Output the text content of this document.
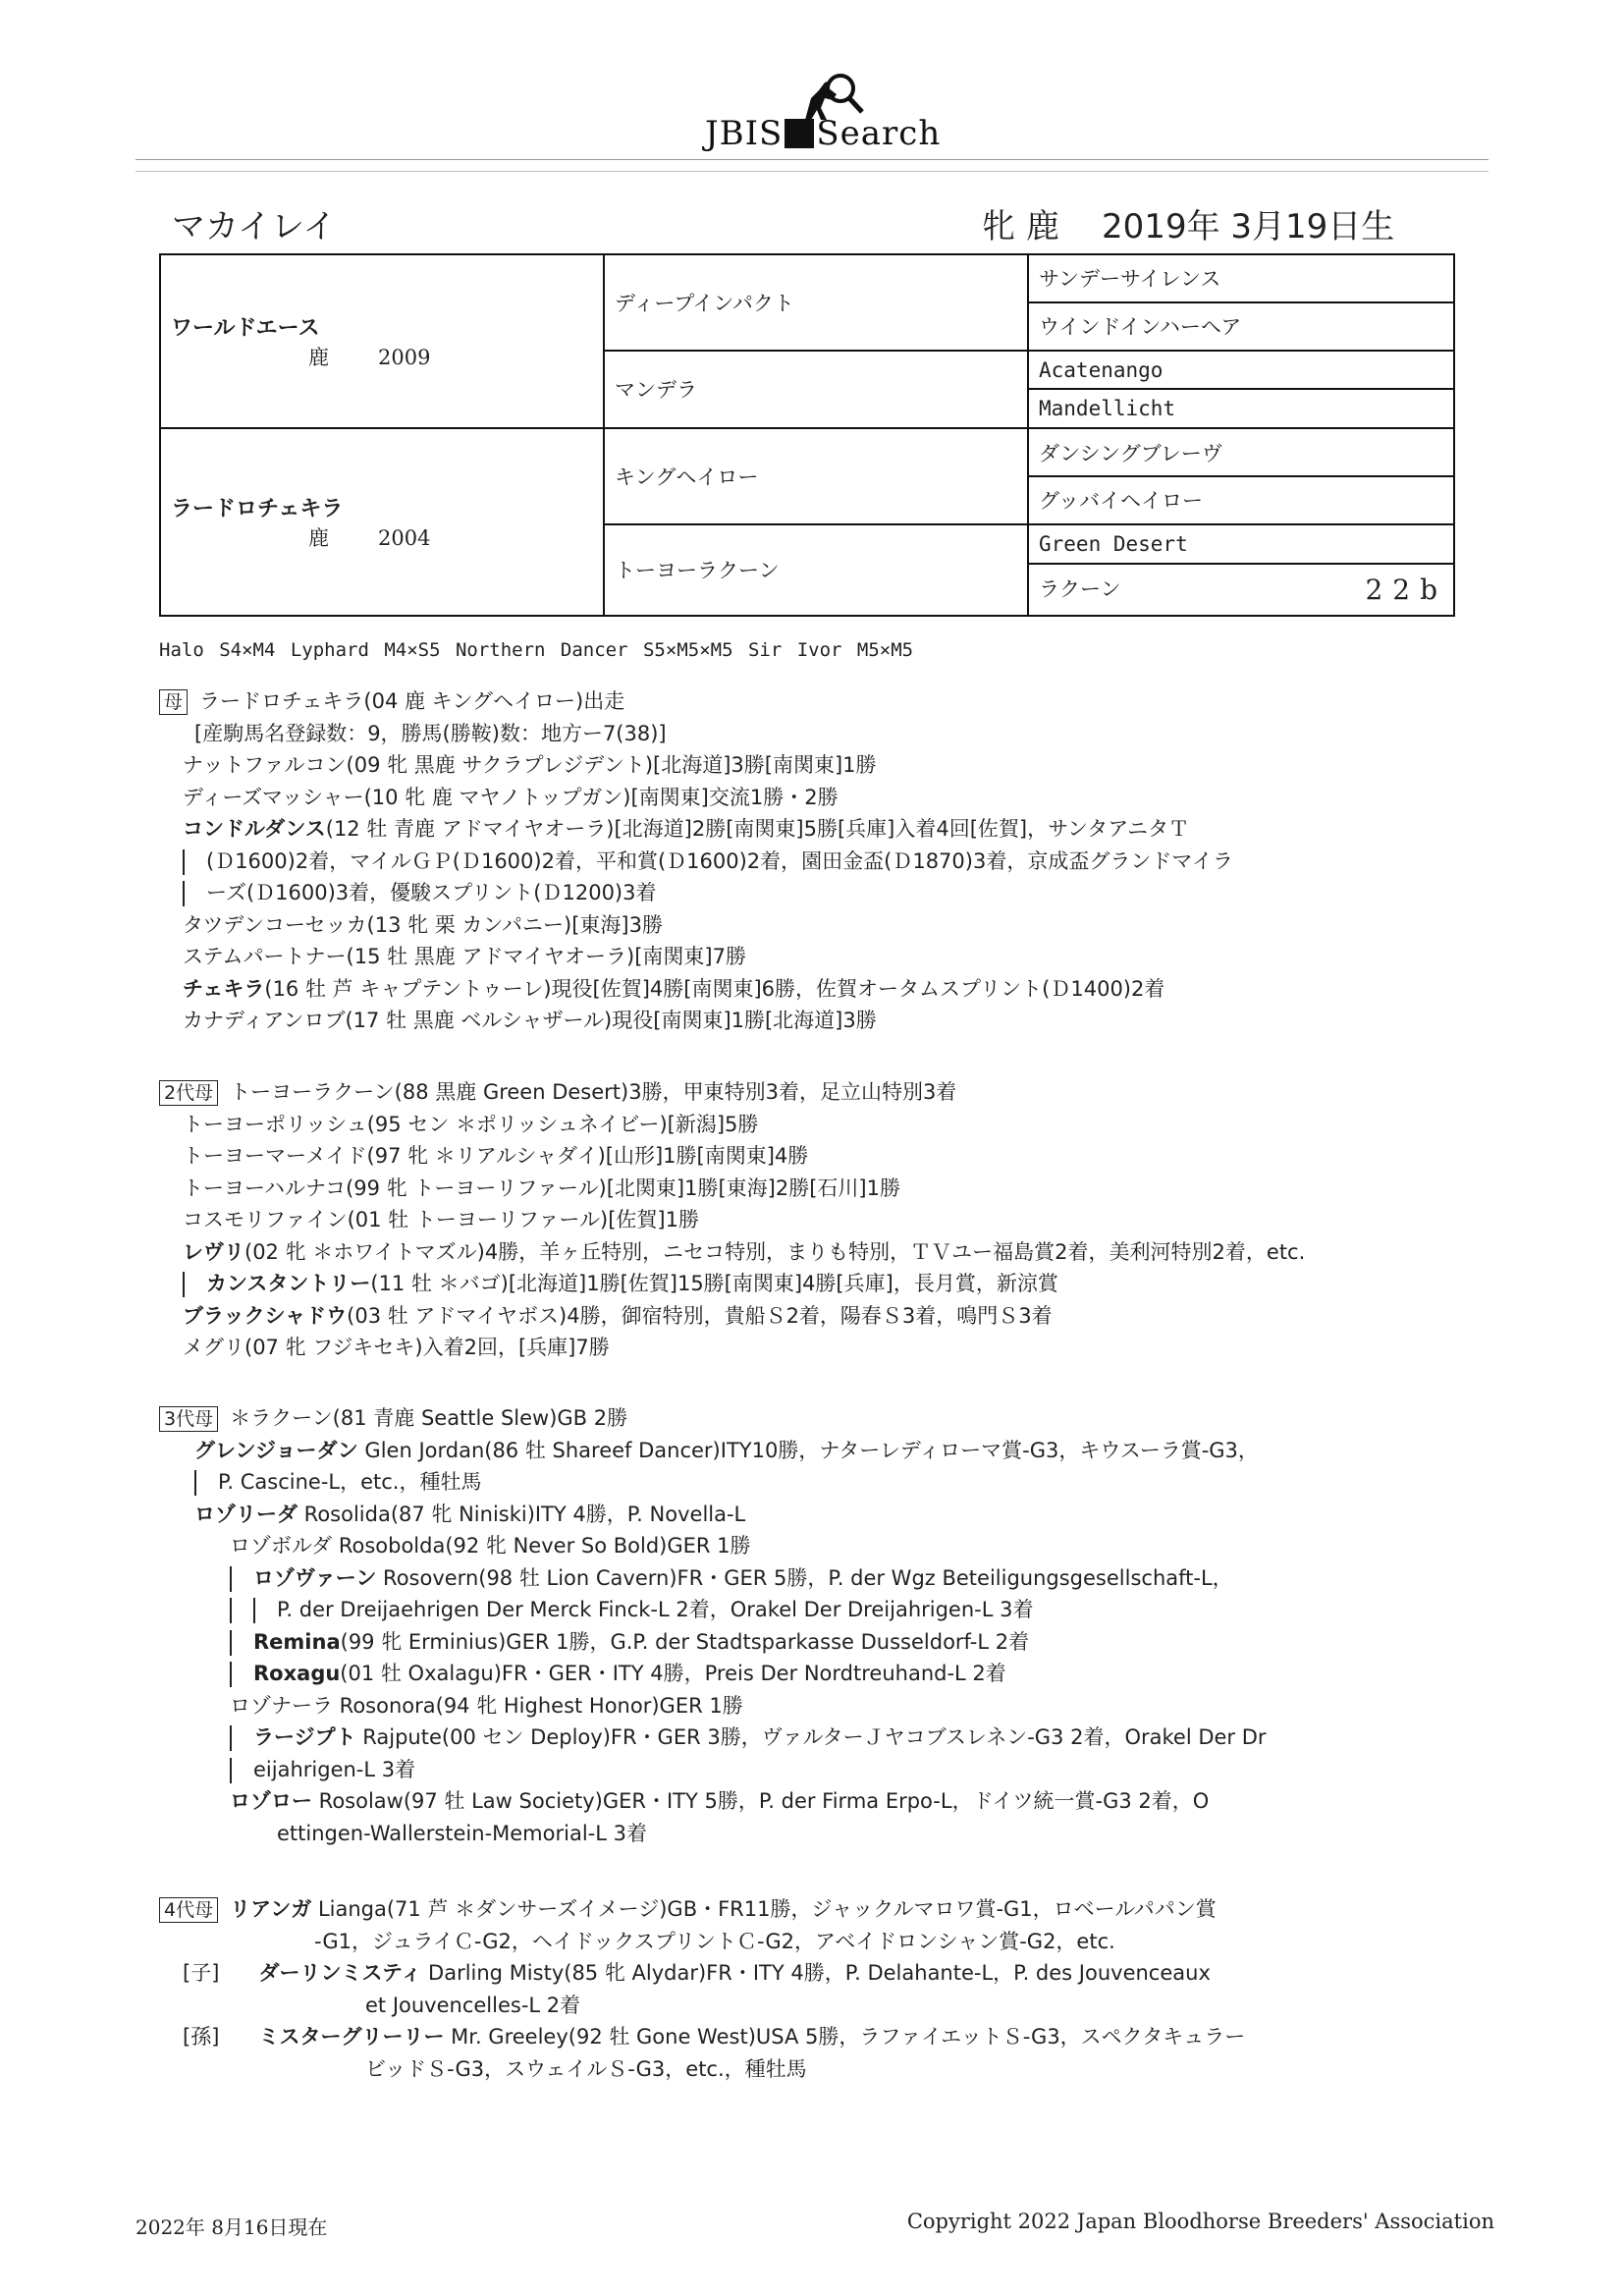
JBIS Search
マカイレイ	牝 鹿 2019年 3月19日生
ワールドエース
鹿 2009	ディープインパクト	サンデーサイレンス
		ウインドインハーヘア
	マンデラ	Acatenango
		Mandellicht

ラードロチェキラ
鹿 2004	キングヘイロー	ダンシングブレーヴ
		グッバイヘイロー
	トーヨーラクーン	Green Desert

		ラクーン 22b
Halo S4×M4 Lyphard M4×S5 Northern Dancer S5×M5×M5 Sir Ivor M5×M5

母 ラードロチェキラ(04 鹿 キングヘイロー)出走

[産駒馬名登録数：9，勝馬(勝鞍)数：地方ー7(38)]

ナットファルコン(09 牝 黒鹿 サクラプレジデント)[北海道]3勝[南関東]1勝

ディーズマッシャー(10 牝 鹿 マヤノトップガン)[南関東]交流1勝・2勝

コンドルダンス(12 牡 青鹿 アドマイヤオーラ)[北海道]2勝[南関東]5勝[兵庫]入着4回[佐賀]，サンタアニタＴ

(Ｄ1600)2着，マイルＧＰ(Ｄ1600)2着，平和賞(Ｄ1600)2着，園田金盃(Ｄ1870)3着，京成盃グランドマイラ

ーズ(Ｄ1600)3着，優駿スプリント(Ｄ1200)3着

タツデンコーセッカ(13 牝 栗 カンパニー)[東海]3勝

ステムパートナー(15 牡 黒鹿 アドマイヤオーラ)[南関東]7勝

チェキラ(16 牡 芦 キャプテントゥーレ)現役[佐賀]4勝[南関東]6勝，佐賀オータムスプリント(Ｄ1400)2着

カナディアンロブ(17 牡 黒鹿 ベルシャザール)現役[南関東]1勝[北海道]3勝

2代母 トーヨーラクーン(88 黒鹿 Green Desert)3勝，甲東特別3着，足立山特別3着

トーヨーポリッシュ(95 セン ＊ポリッシュネイビー)[新潟]5勝

トーヨーマーメイド(97 牝 ＊リアルシャダイ)[山形]1勝[南関東]4勝

トーヨーハルナコ(99 牝 トーヨーリファール)[北関東]1勝[東海]2勝[石川]1勝

コスモリファイン(01 牡 トーヨーリファール)[佐賀]1勝

レヴリ(02 牝 ＊ホワイトマズル)4勝，羊ヶ丘特別，ニセコ特別，まりも特別，ＴＶユー福島賞2着，美利河特別2着，etc.

カンスタントリー(11 牡 ＊バゴ)[北海道]1勝[佐賀]15勝[南関東]4勝[兵庫]，長月賞，新涼賞

ブラックシャドウ(03 牡 アドマイヤボス)4勝，御宿特別，貴船Ｓ2着，陽春Ｓ3着，鳴門Ｓ3着

メグリ(07 牝 フジキセキ)入着2回，[兵庫]7勝

3代母 ＊ラクーン(81 青鹿 Seattle Slew)GB 2勝

グレンジョーダン Glen Jordan(86 牡 Shareef Dancer)ITY10勝，ナターレディローマ賞-G3，キウスーラ賞-G3，

P. Cascine-L，etc.，種牡馬

ロゾリーダ Rosolida(87 牝 Niniski)ITY 4勝，P. Novella-L

ロゾボルダ Rosobolda(92 牝 Never So Bold)GER 1勝

ロゾヴァーン Rosovern(98 牡 Lion Cavern)FR・GER 5勝，P. der Wgz Beteiligungsgesellschaft-L，

P. der Dreijaehrigen Der Merck Finck-L 2着，Orakel Der Dreijahrigen-L 3着

Remina(99 牝 Erminius)GER 1勝，G.P. der Stadtsparkasse Dusseldorf-L 2着

Roxagu(01 牡 Oxalagu)FR・GER・ITY 4勝，Preis Der Nordtreuhand-L 2着

ロゾナーラ Rosonora(94 牝 Highest Honor)GER 1勝

ラージプト Rajpute(00 セン Deploy)FR・GER 3勝，ヴァルターＪヤコブスレネン-G3 2着，Orakel Der Dr

eijahrigen-L 3着

ロゾロー Rosolaw(97 牡 Law Society)GER・ITY 5勝，P. der Firma Erpo-L，ドイツ統一賞-G3 2着，O

ettingen-Wallerstein-Memorial-L 3着

4代母 リアンガ Lianga(71 芦 ＊ダンサーズイメージ)GB・FR11勝，ジャックルマロワ賞-G1，ロベールパパン賞

-G1，ジュライＣ-G2，ヘイドックスプリントＣ-G2，アベイドロンシャン賞-G2，etc.

[子] ダーリンミスティ Darling Misty(85 牝 Alydar)FR・ITY 4勝，P. Delahante-L，P. des Jouvenceaux

et Jouvencelles-L 2着

[孫] ミスターグリーリー Mr. Greeley(92 牡 Gone West)USA 5勝，ラファイエットＳ-G3，スペクタキュラー

ビッドＳ-G3，スウェイルＳ-G3，etc.，種牡馬

2022年 8月16日現在	Copyright 2022 Japan Bloodhorse Breeders' Association
